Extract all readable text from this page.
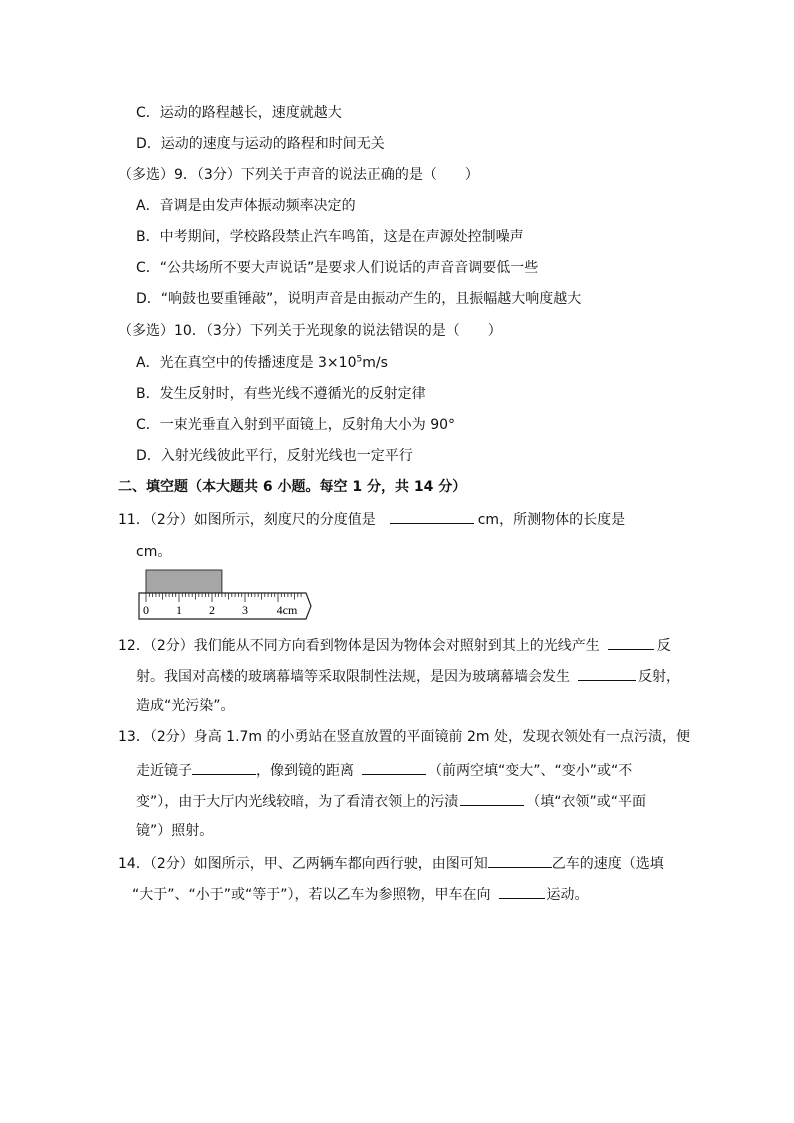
C．运动的路程越长，速度就越大
D．运动的速度与运动的路程和时间无关
（多选）9．（3分）下列关于声音的说法正确的是（　　）
A．音调是由发声体振动频率决定的
B．中考期间，学校路段禁止汽车鸣笛，这是在声源处控制噪声
C．“公共场所不要大声说话”是要求人们说话的声音音调要低一些
D．“响鼓也要重锤敲”，说明声音是由振动产生的，且振幅越大响度越大
（多选）10．（3分）下列关于光现象的说法错误的是（　　）
A．光在真空中的传播速度是 $3\times 10^5m/s$
B．发生反射时，有些光线不遵循光的反射定律
C．一束光垂直入射到平面镜上，反射角大小为 90°
D．入射光线彼此平行，反射光线也一定平行
二、填空题（本大题共 6 小题。每空 1 分，共 14 分）
11．（2分）如图所示，刻度尺的分度值是	cm，所测物体的长度是
cm。
0 1 2 3 4cm
12．（2分）我们能从不同方向看到物体是因为物体会对照射到其上的光线产生	反
射。我国对高楼的玻璃幕墙等采取限制性法规，是因为玻璃幕墙会发生	反射，
造成“光污染”。
13．（2分）身高 1.7m 的小勇站在竖直放置的平面镜前 2m 处，发现衣领处有一点污渍，便
走近镜子	，像到镜的距离	（前两空填“变大”、“变小”或“不
变”），由于大厅内光线较暗，为了看清衣领上的污渍	（填“衣领”或“平面
镜”）照射。
14．（2分）如图所示，甲、乙两辆车都向西行驶，由图可知	乙车的速度（选填
“大于”、“小于”或“等于”），若以乙车为参照物，甲车在向	运动。
